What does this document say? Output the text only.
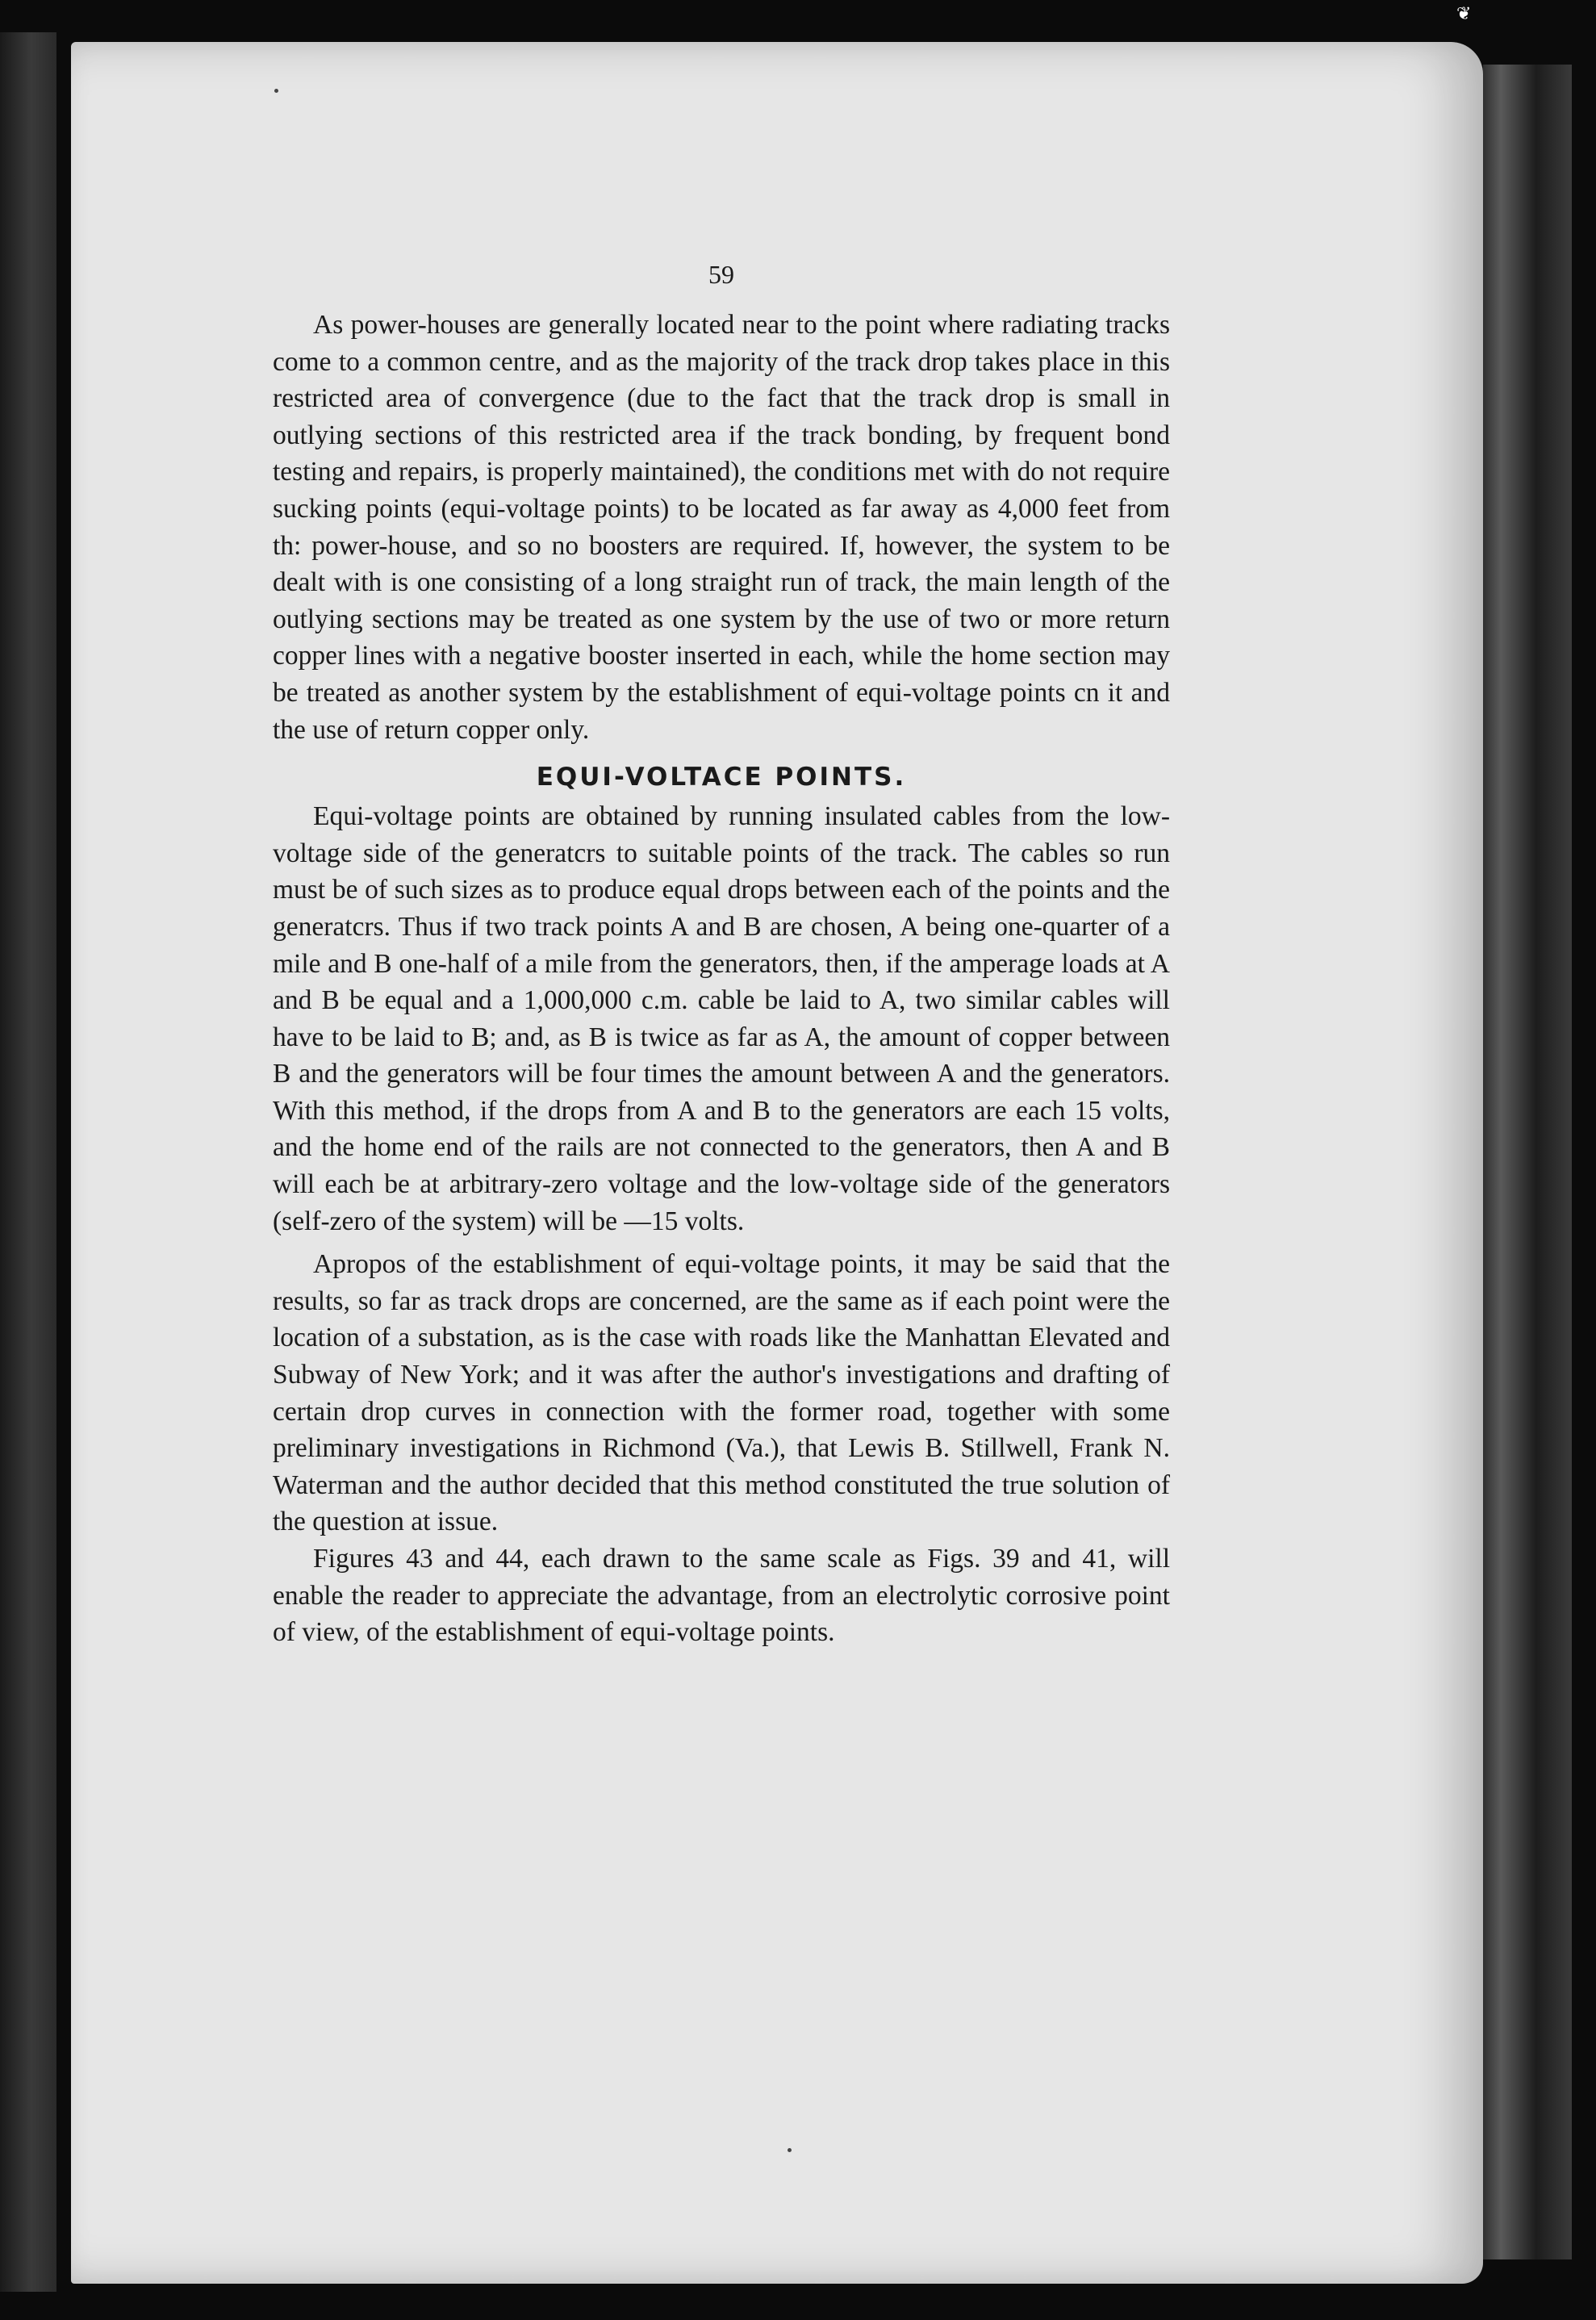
❦
59

As power-houses are generally located near to the point where radiating tracks come to a common centre, and as the majority of the track drop takes place in this restricted area of convergence (due to the fact that the track drop is small in outlying sections of this restricted area if the track bonding, by frequent bond testing and repairs, is properly maintained), the conditions met with do not require sucking points (equi-voltage points) to be located as far away as 4,000 feet from th: power-house, and so no boosters are required. If, however, the system to be dealt with is one consisting of a long straight run of track, the main length of the outlying sections may be treated as one system by the use of two or more return copper lines with a negative booster inserted in each, while the home section may be treated as another system by the establishment of equi-voltage points cn it and the use of return copper only.

EQUI-VOLTACE POINTS.

Equi-voltage points are obtained by running insulated cables from the low-voltage side of the generatcrs to suitable points of the track. The cables so run must be of such sizes as to produce equal drops between each of the points and the generatcrs. Thus if two track points A and B are chosen, A being one-quarter of a mile and B one-half of a mile from the generators, then, if the amperage loads at A and B be equal and a 1,000,000 c.m. cable be laid to A, two similar cables will have to be laid to B; and, as B is twice as far as A, the amount of copper between B and the generators will be four times the amount between A and the generators. With this method, if the drops from A and B to the generators are each 15 volts, and the home end of the rails are not connected to the generators, then A and B will each be at arbitrary-zero voltage and the low-voltage side of the generators (self-zero of the system) will be —15 volts.

Apropos of the establishment of equi-voltage points, it may be said that the results, so far as track drops are concerned, are the same as if each point were the location of a substation, as is the case with roads like the Manhattan Elevated and Subway of New York; and it was after the author's investigations and drafting of certain drop curves in connection with the former road, together with some preliminary investigations in Richmond (Va.), that Lewis B. Stillwell, Frank N. Waterman and the author decided that this method constituted the true solution of the question at issue.

Figures 43 and 44, each drawn to the same scale as Figs. 39 and 41, will enable the reader to appreciate the advantage, from an electrolytic corrosive point of view, of the establishment of equi-voltage points.
